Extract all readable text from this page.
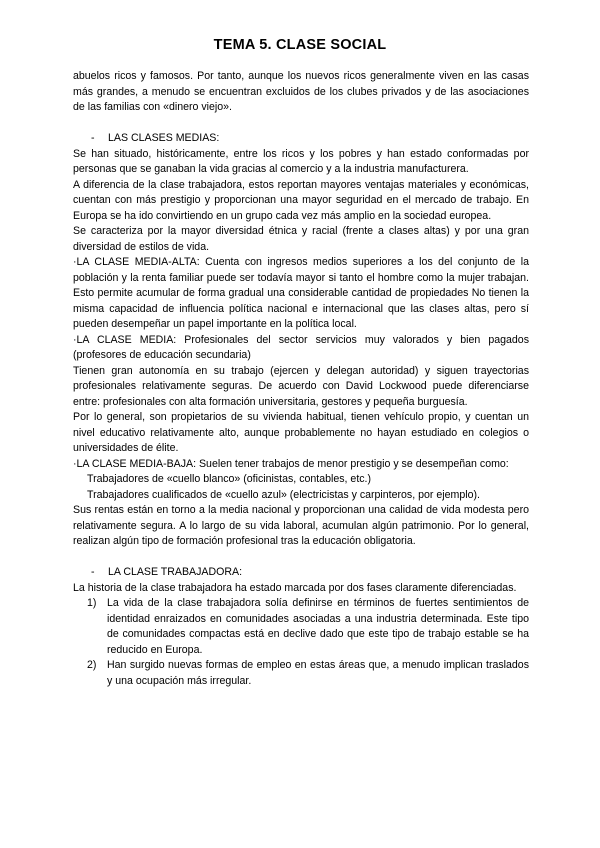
TEMA 5. CLASE SOCIAL

abuelos ricos y famosos. Por tanto, aunque los nuevos ricos generalmente viven en las casas más grandes, a menudo se encuentran excluidos de los clubes privados y de las asociaciones de las familias con «dinero viejo».

- LAS CLASES MEDIAS:

Se han situado, históricamente, entre los ricos y los pobres y han estado conformadas por personas que se ganaban la vida gracias al comercio y a la industria manufacturera.

A diferencia de la clase trabajadora, estos reportan mayores ventajas materiales y económicas, cuentan con más prestigio y proporcionan una mayor seguridad en el mercado de trabajo. En Europa se ha ido convirtiendo en un grupo cada vez más amplio en la sociedad europea.

Se caracteriza por la mayor diversidad étnica y racial (frente a clases altas) y por una gran diversidad de estilos de vida.

·LA CLASE MEDIA-ALTA: Cuenta con ingresos medios superiores a los del conjunto de la población y la renta familiar puede ser todavía mayor si tanto el hombre como la mujer trabajan. Esto permite acumular de forma gradual una considerable cantidad de propiedades No tienen la misma capacidad de influencia política nacional e internacional que las clases altas, pero sí pueden desempeñar un papel importante en la política local.

·LA CLASE MEDIA: Profesionales del sector servicios muy valorados y bien pagados (profesores de educación secundaria)

Tienen gran autonomía en su trabajo (ejercen y delegan autoridad) y siguen trayectorias profesionales relativamente seguras. De acuerdo con David Lockwood puede diferenciarse entre: profesionales con alta formación universitaria, gestores y pequeña burguesía.

Por lo general, son propietarios de su vivienda habitual, tienen vehículo propio, y cuentan un nivel educativo relativamente alto, aunque probablemente no hayan estudiado en colegios o universidades de élite.

·LA CLASE MEDIA-BAJA: Suelen tener trabajos de menor prestigio y se desempeñan como:

Trabajadores de «cuello blanco» (oficinistas, contables, etc.)

Trabajadores cualificados de «cuello azul» (electricistas y carpinteros, por ejemplo).

Sus rentas están en torno a la media nacional y proporcionan una calidad de vida modesta pero relativamente segura. A lo largo de su vida laboral, acumulan algún patrimonio. Por lo general, realizan algún tipo de formación profesional tras la educación obligatoria.

- LA CLASE TRABAJADORA:

La historia de la clase trabajadora ha estado marcada por dos fases claramente diferenciadas.

1) La vida de la clase trabajadora solía definirse en términos de fuertes sentimientos de identidad enraizados en comunidades asociadas a una industria determinada. Este tipo de comunidades compactas está en declive dado que este tipo de trabajo estable se ha reducido en Europa.
2) Han surgido nuevas formas de empleo en estas áreas que, a menudo implican traslados y una ocupación más irregular.
